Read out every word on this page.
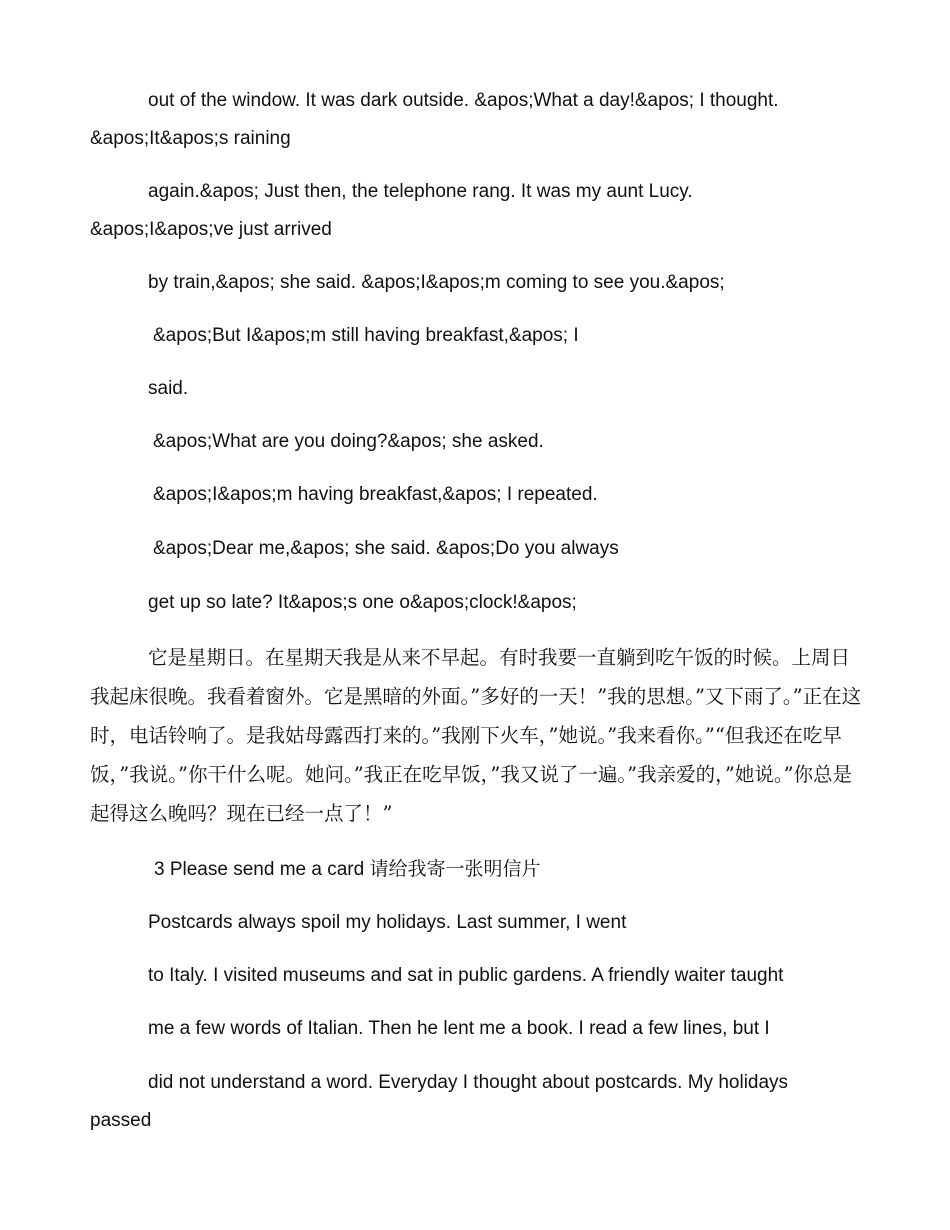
out of the window. It was dark outside. &apos;What a day!&apos; I thought.

&apos;It&apos;s raining

again.&apos; Just then, the telephone rang. It was my aunt Lucy.

&apos;I&apos;ve just arrived

by train,&apos; she said. &apos;I&apos;m coming to see you.&apos;

&apos;But I&apos;m still having breakfast,&apos; I

said.

&apos;What are you doing?&apos; she asked.

&apos;I&apos;m having breakfast,&apos; I repeated.

&apos;Dear me,&apos; she said. &apos;Do you always

get up so late? It&apos;s one o&apos;clock!&apos;

它是星期日。在星期天我是从来不早起。有时我要一直躺到吃午饭的时候。上周日我起床很晚。我看着窗外。它是黑暗的外面。”多好的一天！”我的思想。”又下雨了。”正在这时，电话铃响了。是我姑母露西打来的。”我刚下火车，”她说。”我来看你。”“但我还在吃早饭，”我说。”你干什么呢。她问。”我正在吃早饭，”我又说了一遍。”我亲爱的，”她说。”你总是起得这么晚吗？现在已经一点了！”

3 Please send me a card 请给我寄一张明信片

Postcards always spoil my holidays. Last summer, I went

to Italy. I visited museums and sat in public gardens. A friendly waiter taught

me a few words of Italian. Then he lent me a book. I read a few lines, but I

did not understand a word. Everyday I thought about postcards. My holidays

passed
